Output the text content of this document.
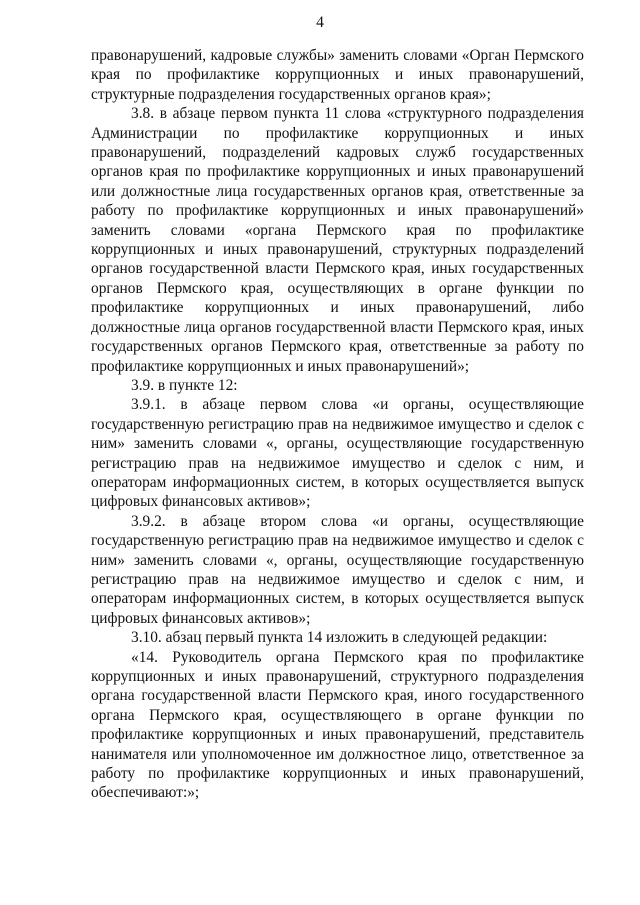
4

правонарушений, кадровые службы» заменить словами «Орган Пермского края по профилактике коррупционных и иных правонарушений, структурные подразделения государственных органов края»;

3.8. в абзаце первом пункта 11 слова «структурного подразделения Администрации по профилактике коррупционных и иных правонарушений, подразделений кадровых служб государственных органов края по профилактике коррупционных и иных правонарушений или должностные лица государственных органов края, ответственные за работу по профилактике коррупционных и иных правонарушений» заменить словами «органа Пермского края по профилактике коррупционных и иных правонарушений, структурных подразделений органов государственной власти Пермского края, иных государственных органов Пермского края, осуществляющих в органе функции по профилактике коррупционных и иных правонарушений, либо должностные лица органов государственной власти Пермского края, иных государственных органов Пермского края, ответственные за работу по профилактике коррупционных и иных правонарушений»;

3.9. в пункте 12:

3.9.1. в абзаце первом слова «и органы, осуществляющие государственную регистрацию прав на недвижимое имущество и сделок с ним» заменить словами «, органы, осуществляющие государственную регистрацию прав на недвижимое имущество и сделок с ним, и операторам информационных систем, в которых осуществляется выпуск цифровых финансовых активов»;

3.9.2. в абзаце втором слова «и органы, осуществляющие государственную регистрацию прав на недвижимое имущество и сделок с ним» заменить словами «, органы, осуществляющие государственную регистрацию прав на недвижимое имущество и сделок с ним, и операторам информационных систем, в которых осуществляется выпуск цифровых финансовых активов»;

3.10. абзац первый пункта 14 изложить в следующей редакции:

«14. Руководитель органа Пермского края по профилактике коррупционных и иных правонарушений, структурного подразделения органа государственной власти Пермского края, иного государственного органа Пермского края, осуществляющего в органе функции по профилактике коррупционных и иных правонарушений, представитель нанимателя или уполномоченное им должностное лицо, ответственное за работу по профилактике коррупционных и иных правонарушений, обеспечивают:»;
